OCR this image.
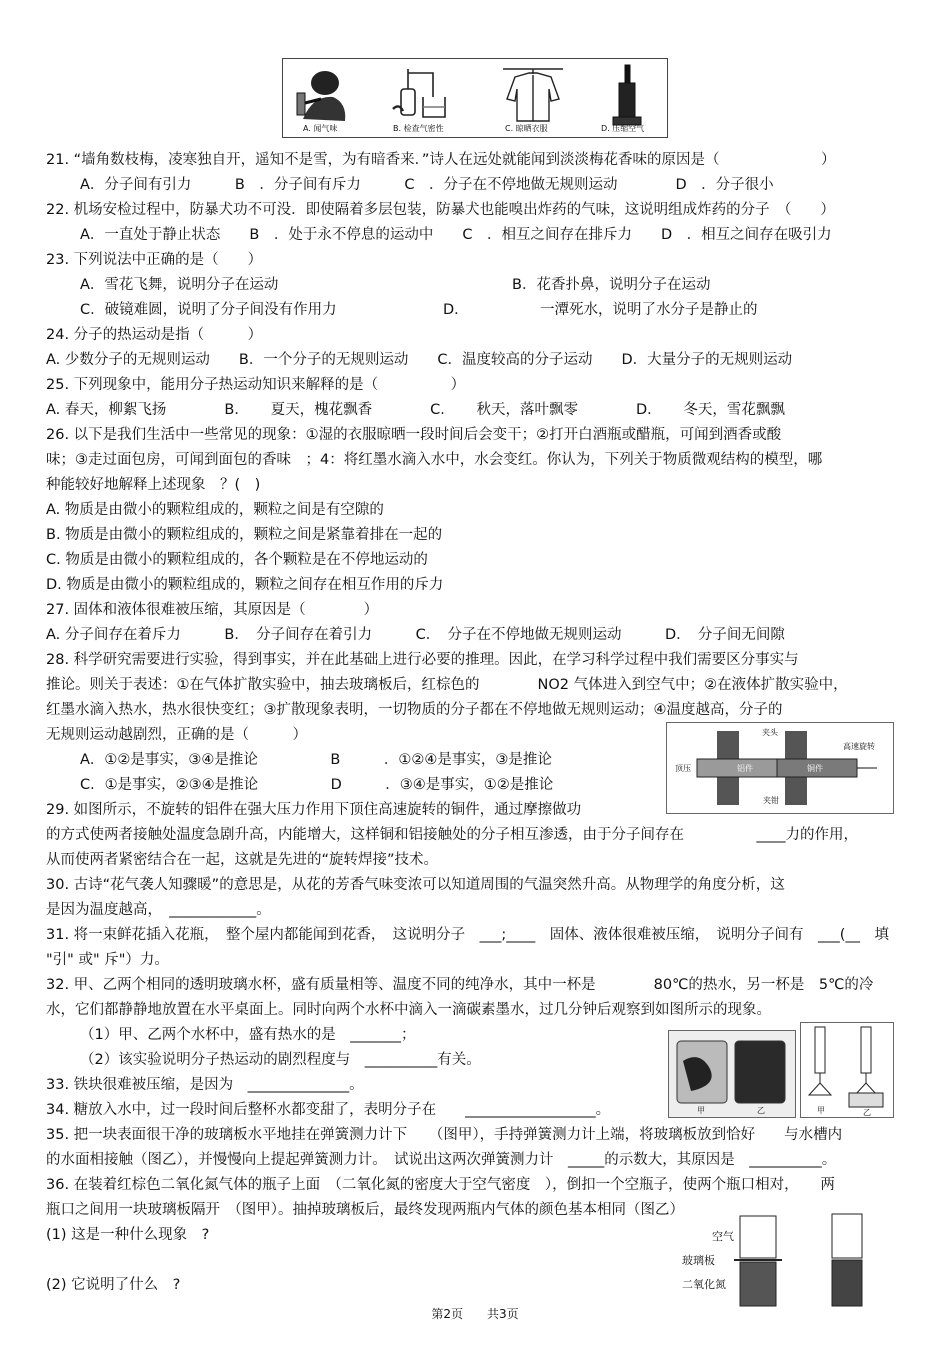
A. 闻气味	B. 检查气密性	C. 晾晒衣服	D. 压缩空气
21. “墙角数枝梅，凌寒独自开，遥知不是雪，为有暗香来．”诗人在远处就能闻到淡淡梅花香味的原因是（　　　　　　　）
A．分子间有引力　　　B　．分子间有斥力　　　C　．分子在不停地做无规则运动　　　　D　．分子很小
22. 机场安检过程中，防暴犬功不可没．即使隔着多层包装，防暴犬也能嗅出炸药的气味，这说明组成炸药的分子　（　　）
A．一直处于静止状态　　B　．处于永不停息的运动中　　C　．相互之间存在排斥力　　D　．相互之间存在吸引力
23. 下列说法中正确的是（　　）
A．雪花飞舞，说明分子在运动	B．花香扑鼻，说明分子在运动
C．破镜难圆，说明了分子间没有作用力	D．	一潭死水，说明了水分子是静止的
24. 分子的热运动是指（　　　）
A. 少数分子的无规则运动　　B．一个分子的无规则运动　　C．温度较高的分子运动　　D．大量分子的无规则运动
25. 下列现象中，能用分子热运动知识来解释的是（　　　　　）
A. 春天，柳絮飞扬　　　　B．　　夏天，槐花飘香　　　　C．　　秋天，落叶飘零　　　　D．　　冬天，雪花飘飘
26. 以下是我们生活中一些常见的现象：①湿的衣服晾晒一段时间后会变干；②打开白酒瓶或醋瓶，可闻到酒香或酸
味；③走过面包房，可闻到面包的香味　；4：将红墨水滴入水中，水会变红。你认为，下列关于物质微观结构的模型，哪
种能较好地解释上述现象　？(　)
A. 物质是由微小的颗粒组成的，颗粒之间是有空隙的
B. 物质是由微小的颗粒组成的，颗粒之间是紧靠着排在一起的
C. 物质是由微小的颗粒组成的，各个颗粒是在不停地运动的
D. 物质是由微小的颗粒组成的，颗粒之间存在相互作用的斥力
27. 固体和液体很难被压缩，其原因是（　　　　）
A. 分子间存在着斥力　　　B．　分子间存在着引力　　　C．　分子在不停地做无规则运动　　　D．　分子间无间隙
28. 科学研究需要进行实验，得到事实，并在此基础上进行必要的推理。因此，在学习科学过程中我们需要区分事实与
推论。则关于表述：①在气体扩散实验中，抽去玻璃板后，红棕色的　　　　NO2 气体进入到空气中；②在液体扩散实验中，
红墨水滴入热水，热水很快变红；③扩散现象表明，一切物质的分子都在不停地做无规则运动；④温度越高，分子的
无规则运动越剧烈，正确的是（　　　）
A．①②是事实，③④是推论　　　　　B　　　．①②④是事实，③是推论
C．①是事实，②③④是推论　　　　　D　　　．③④是事实，①②是推论
29. 如图所示，不旋转的铝件在强大压力作用下顶住高速旋转的铜件，通过摩擦做功
的方式使两者接触处温度急剧升高，内能增大，这样铜和铝接触处的分子相互渗透，由于分子间存在　　　　　____力的作用，
从而使两者紧密结合在一起，这就是先进的“旋转焊接”技术。
30. 古诗“花气袭人知骤暖”的意思是，从花的芳香气味变浓可以知道周围的气温突然升高。从物理学的角度分析，这
是因为温度越高，　____________。
31. 将一束鲜花插入花瓶，　整个屋内都能闻到花香，　这说明分子　___;____　固体、液体很难被压缩，　说明分子间有　___(__　填
"引" 或" 斥"）力。
32. 甲、乙两个相同的透明玻璃水杯，盛有质量相等、温度不同的纯净水，其中一杯是　　　　80℃的热水，另一杯是　5℃的冷
水，它们都静静地放置在水平桌面上。同时向两个水杯中滴入一滴碳素墨水，过几分钟后观察到如图所示的现象。
（1）甲、乙两个水杯中，盛有热水的是　_______；
（2）该实验说明分子热运动的剧烈程度与　__________有关。
33. 铁块很难被压缩，是因为　______________。
34. 糖放入水中，过一段时间后整杯水都变甜了，表明分子在　　__________________。
35. 把一块表面很干净的玻璃板水平地挂在弹簧测力计下　　（图甲），手持弹簧测力计上端，将玻璃板放到恰好　　与水槽内
的水面相接触（图乙），并慢慢向上提起弹簧测力计。　试说出这两次弹簧测力计　_____的示数大，其原因是　__________。
36. 在装着红棕色二氧化氮气体的瓶子上面　（二氧化氮的密度大于空气密度　），倒扣一个空瓶子，使两个瓶口相对，　　两
瓶口之间用一块玻璃板隔开　（图甲）。抽掉玻璃板后，最终发现两瓶内气体的颜色基本相同（图乙）
(1) 这是一种什么现象　?
(2) 它说明了什么　?
夹头
高速旋转
顶压	铝件	铜件
夹钳
甲	乙	甲	乙
空气
玻璃板
二氧化氮
第2页　　共3页
